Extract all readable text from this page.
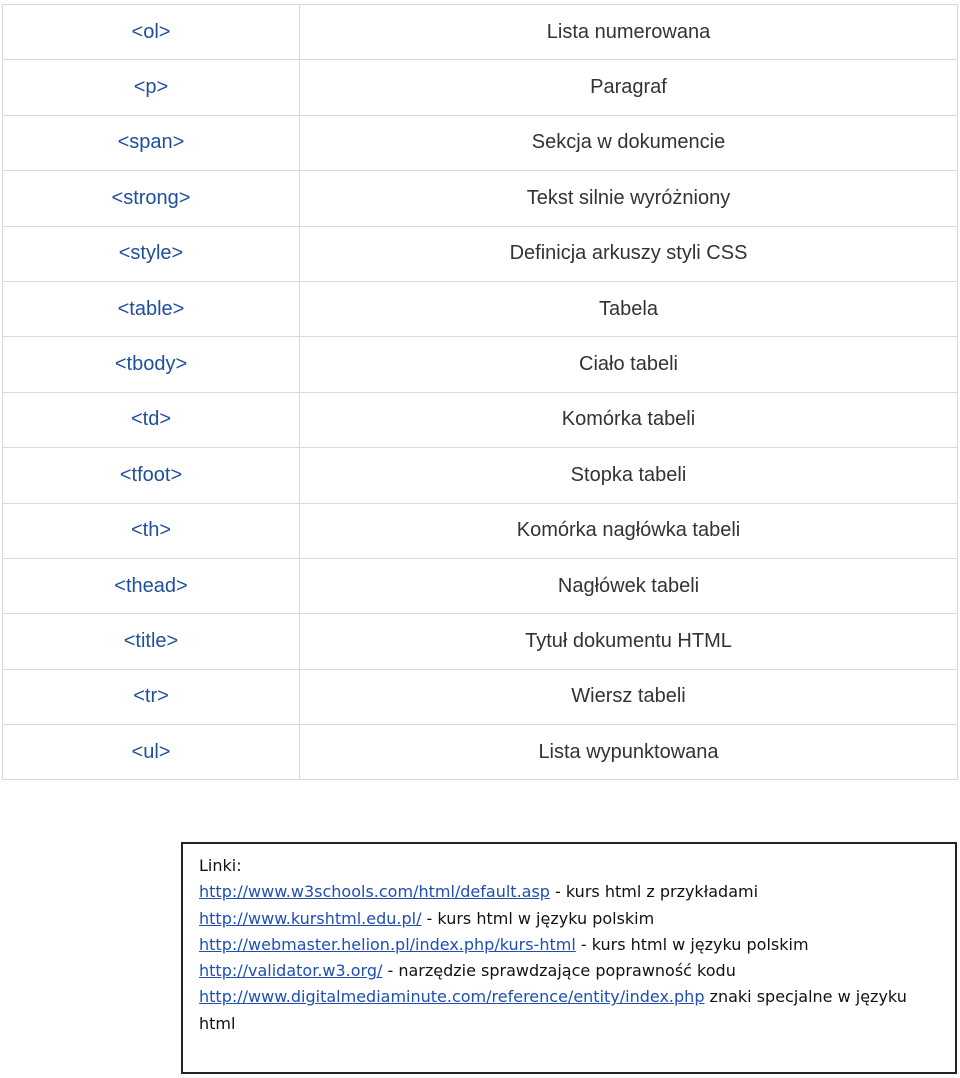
<ol>	Lista numerowana
<p>	Paragraf
<span>	Sekcja w dokumencie
<strong>	Tekst silnie wyróżniony
<style>	Definicja arkuszy styli CSS
<table>	Tabela
<tbody>	Ciało tabeli
<td>	Komórka tabeli
<tfoot>	Stopka tabeli
<th>	Komórka nagłówka tabeli
<thead>	Nagłówek tabeli
<title>	Tytuł dokumentu HTML
<tr>	Wiersz tabeli
<ul>	Lista wypunktowana
Linki:
http://www.w3schools.com/html/default.asp - kurs html z przykładami
http://www.kurshtml.edu.pl/ - kurs html w języku polskim
http://webmaster.helion.pl/index.php/kurs-html - kurs html w języku polskim
http://validator.w3.org/ - narzędzie sprawdzające poprawność kodu
http://www.digitalmediaminute.com/reference/entity/index.php znaki specjalne w języku html
